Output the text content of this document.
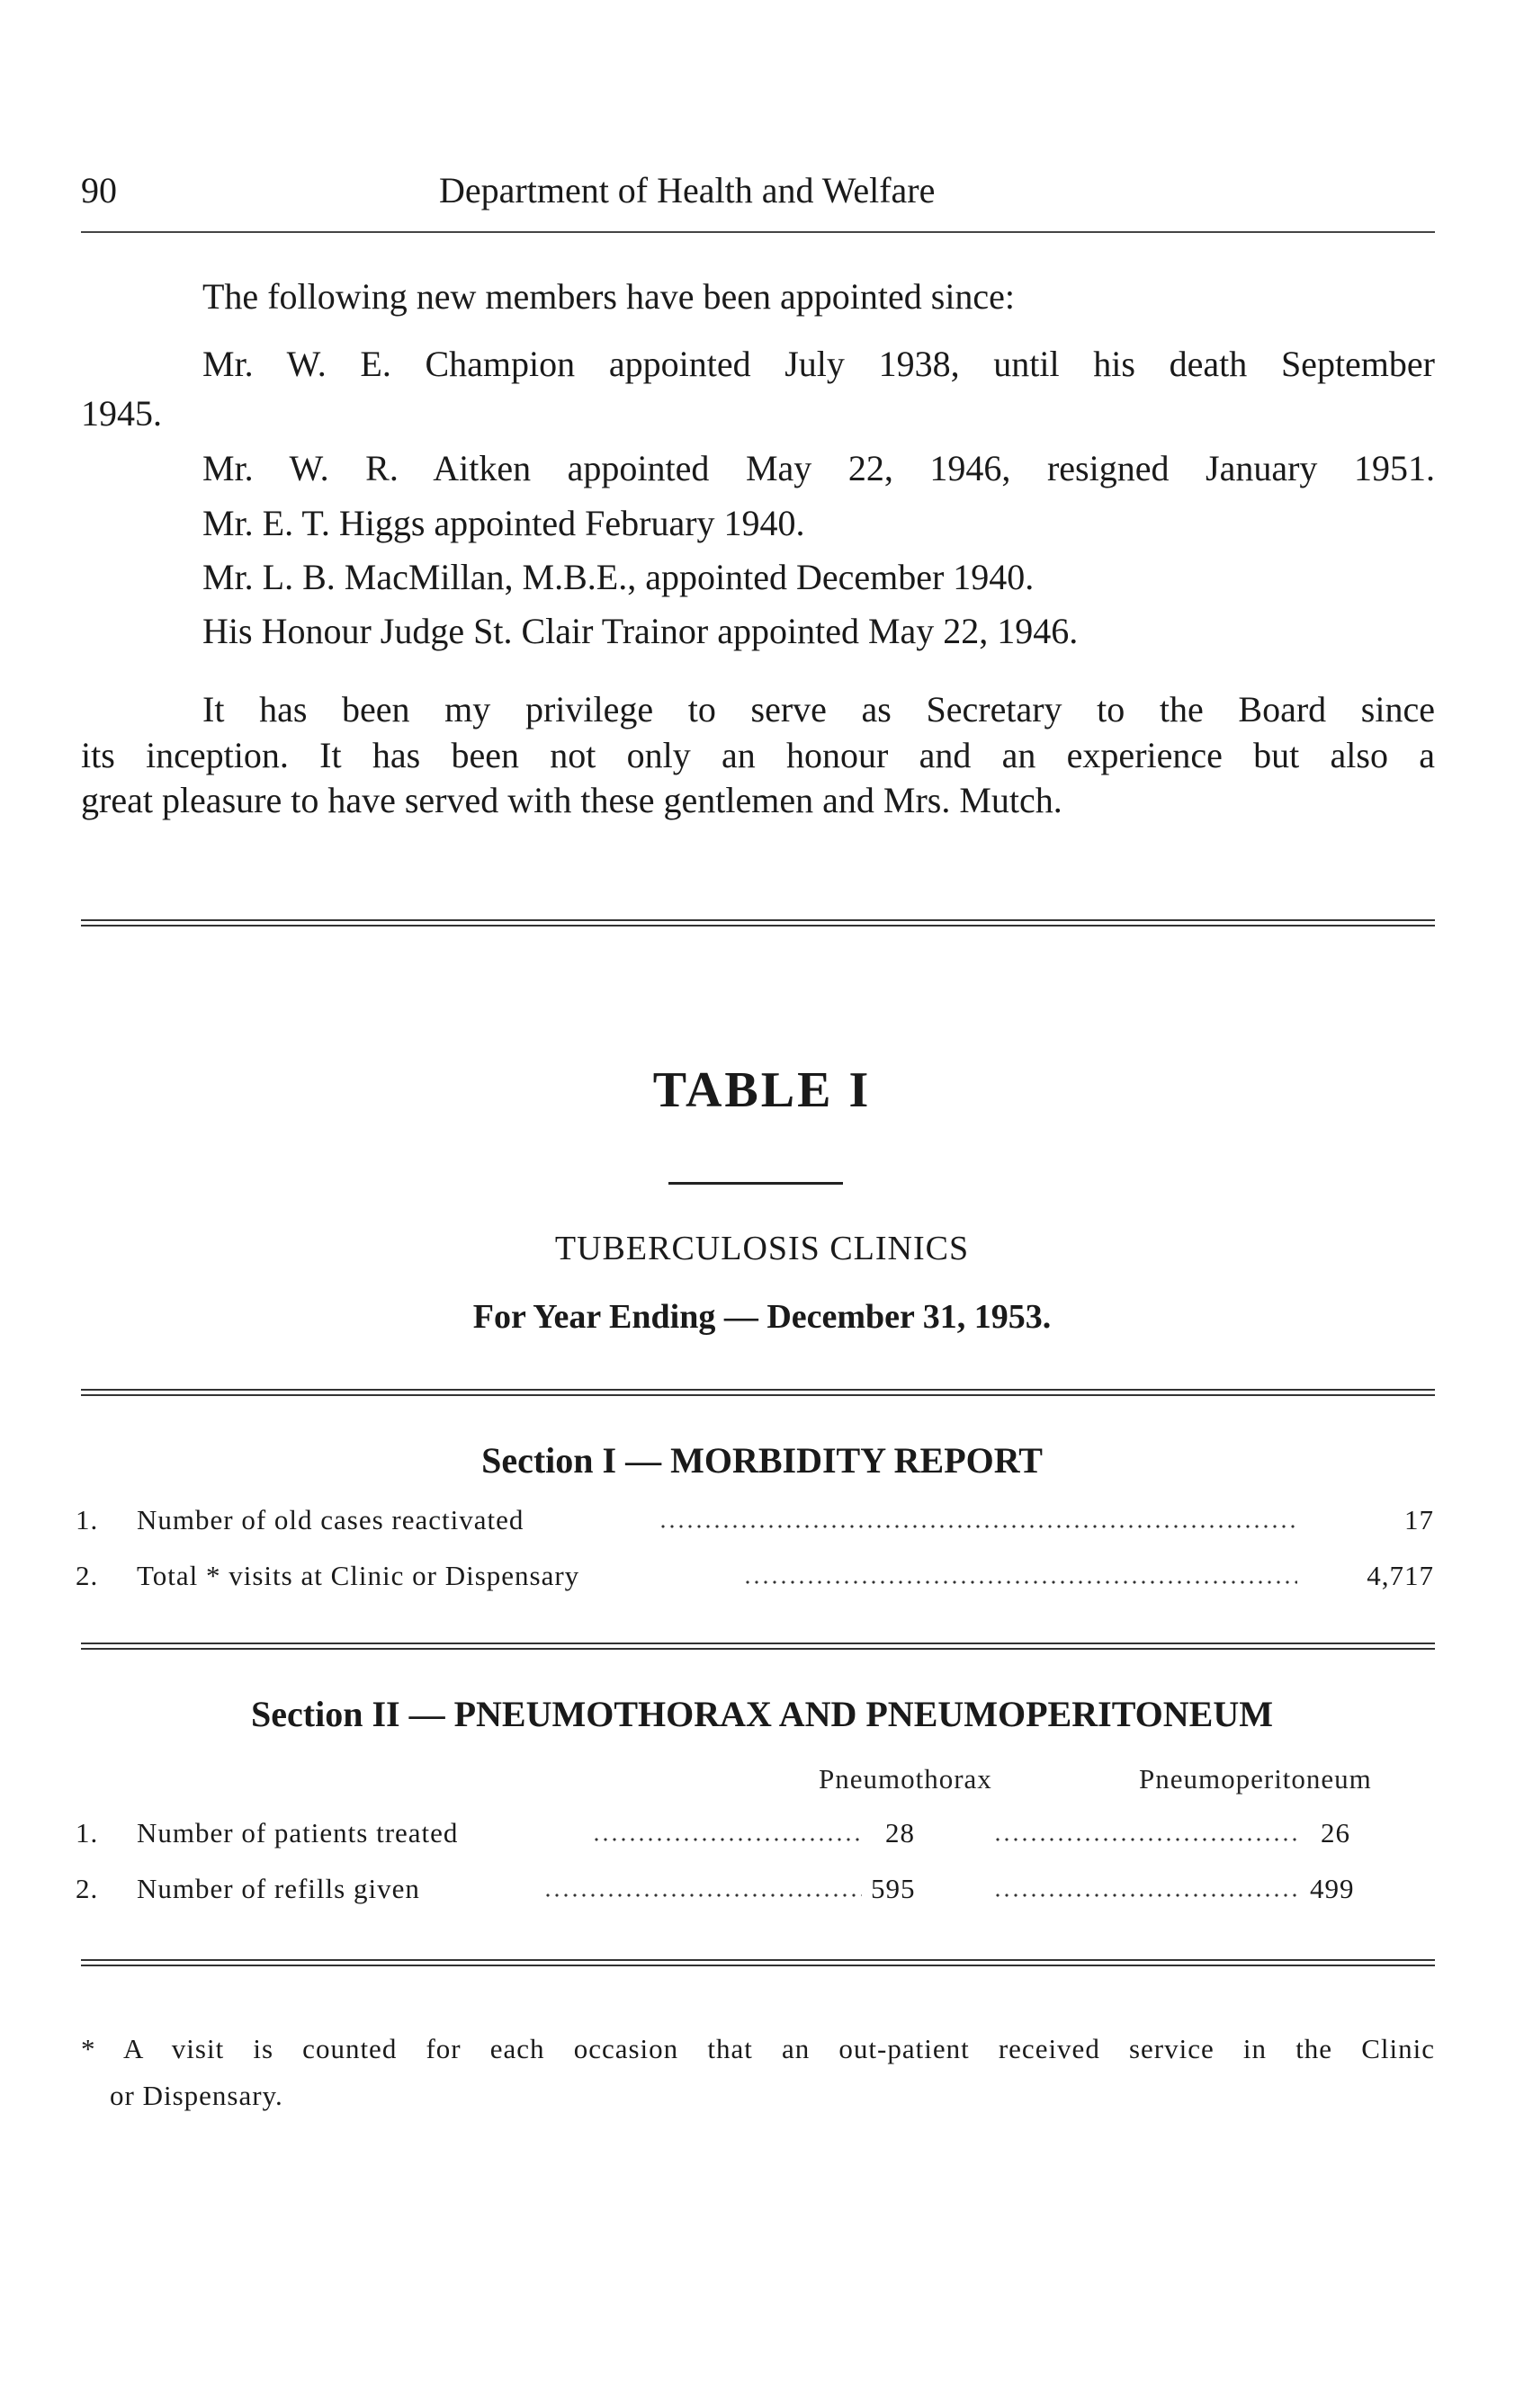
90	Department of Health and Welfare
The following new members have been appointed since:
Mr. W. E. Champion appointed July 1938, until his death September
1945.
Mr. W. R. Aitken appointed May 22, 1946, resigned January 1951.
Mr. E. T. Higgs appointed February 1940.
Mr. L. B. MacMillan, M.B.E., appointed December 1940.
His Honour Judge St. Clair Trainor appointed May 22, 1946.
It has been my privilege to serve as Secretary to the Board since
its inception. It has been not only an honour and an experience but also a
great pleasure to have served with these gentlemen and Mrs. Mutch.
TABLE I
TUBERCULOSIS CLINICS
For Year Ending — December 31, 1953.
Section I — MORBIDITY REPORT
1. Number of old cases reactivated	17
2. Total * visits at Clinic or Dispensary	4,717
Section II — PNEUMOTHORAX AND PNEUMOPERITONEUM
Pneumothorax	Pneumoperitoneum
1. Number of patients treated	28	26
2. Number of refills given	595	499
* A visit is counted for each occasion that an out-patient received service in the Clinic
or Dispensary.
